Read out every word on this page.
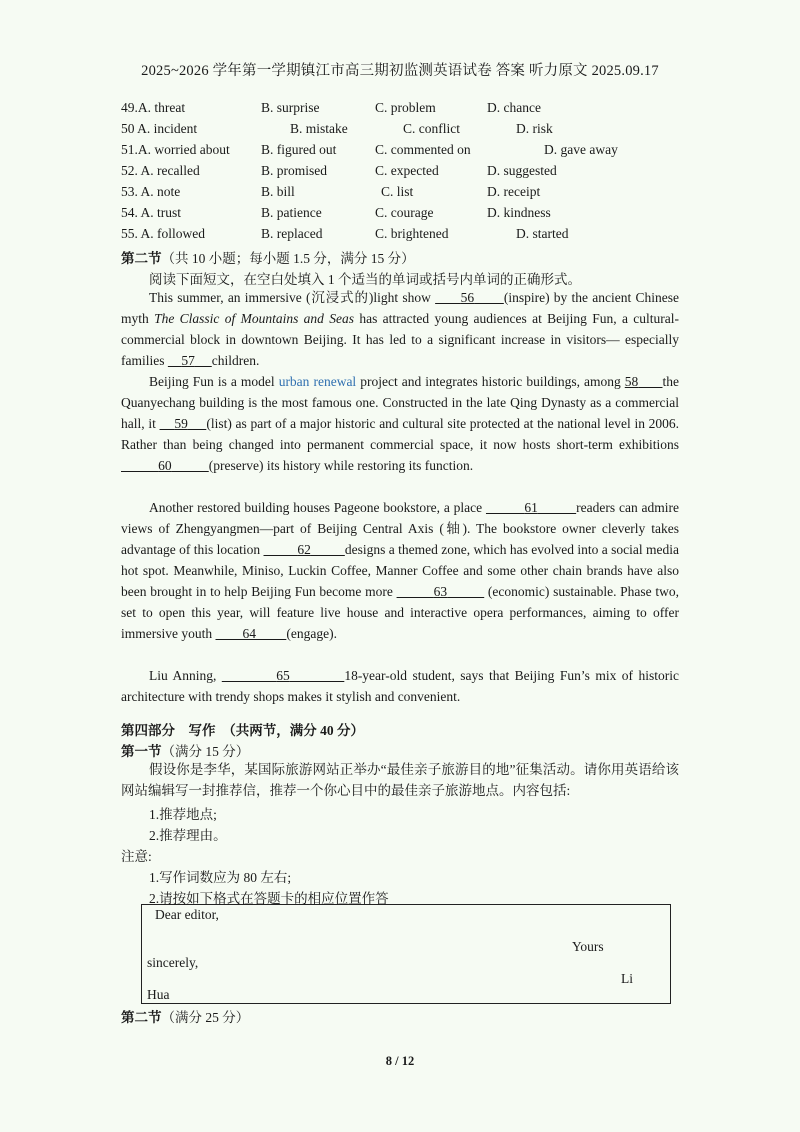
2025~2026 学年第一学期镇江市高三期初监测英语试卷 答案 听力原文 2025.09.17
49.A. threat	B. surprise	C. problem	D. chance
50 A. incident	B. mistake	C. conflict	D. risk
51.A. worried about B. figured out	C. commented on	D. gave away
52. A. recalled	B. promised	C. expected	D. suggested
53. A. note	B. bill	C. list	D. receipt
54. A. trust	B. patience	C. courage	D. kindness
55. A. followed	B. replaced	C. brightened	D. started
第二节（共 10 小题；每小题 1.5 分，满分 15 分）
阅读下面短文，在空白处填入 1 个适当的单词或括号内单词的正确形式。
This summer, an immersive (沉浸式的)light show       56 (inspire) by the ancient Chinese myth The Classic of Mountains and Seas has attracted young audiences at Beijing Fun, a cultural-commercial block in downtown Beijing. It has led to a significant increase in visitors— especially families     57 children.
Beijing Fun is a model urban renewal project and integrates historic buildings, among 58 the Quanyechang building is the most famous one. Constructed in the late Qing Dynasty as a commercial hall, it     59 (list) as part of a major historic and cultural site protected at the national level in 2006. Rather than being changed into permanent commercial space, it now hosts short-term exhibitions            60	(preserve) its history while restoring its function.
Another restored building houses Pageone bookstore, a place	61	readers can admire views of Zhengyangmen—part of Beijing Central Axis (轴). The bookstore owner cleverly takes advantage of this location	62	designs a themed zone, which has evolved into a social media hot spot. Meanwhile, Miniso, Luckin Coffee, Manner Coffee and some other chain brands have also been brought in to help Beijing Fun become more	63	(economic) sustainable. Phase two, set to open this year, will feature live house and interactive opera performances, aiming to offer immersive youth         64 (engage).
Liu Anning,	65	18-year-old student, says that Beijing Fun’s mix of historic architecture with trendy shops makes it stylish and convenient.
第四部分　写作　（共两节，满分 40 分）
第一节（满分 15 分）
假设你是李华，某国际旅游网站正举办“最佳亲子旅游目的地”征集活动。请你用英语给该网站编辑写一封推荐信，推荐一个你心目中的最佳亲子旅游地点。内容包括:
1.推荐地点;
2.推荐理由。
注意:
1.写作词数应为 80 左右;
2.请按如下格式在答题卡的相应位置作答
Dear editor,
Yours
sincerely,
Li
Hua
第二节（满分 25 分）
8 / 12
